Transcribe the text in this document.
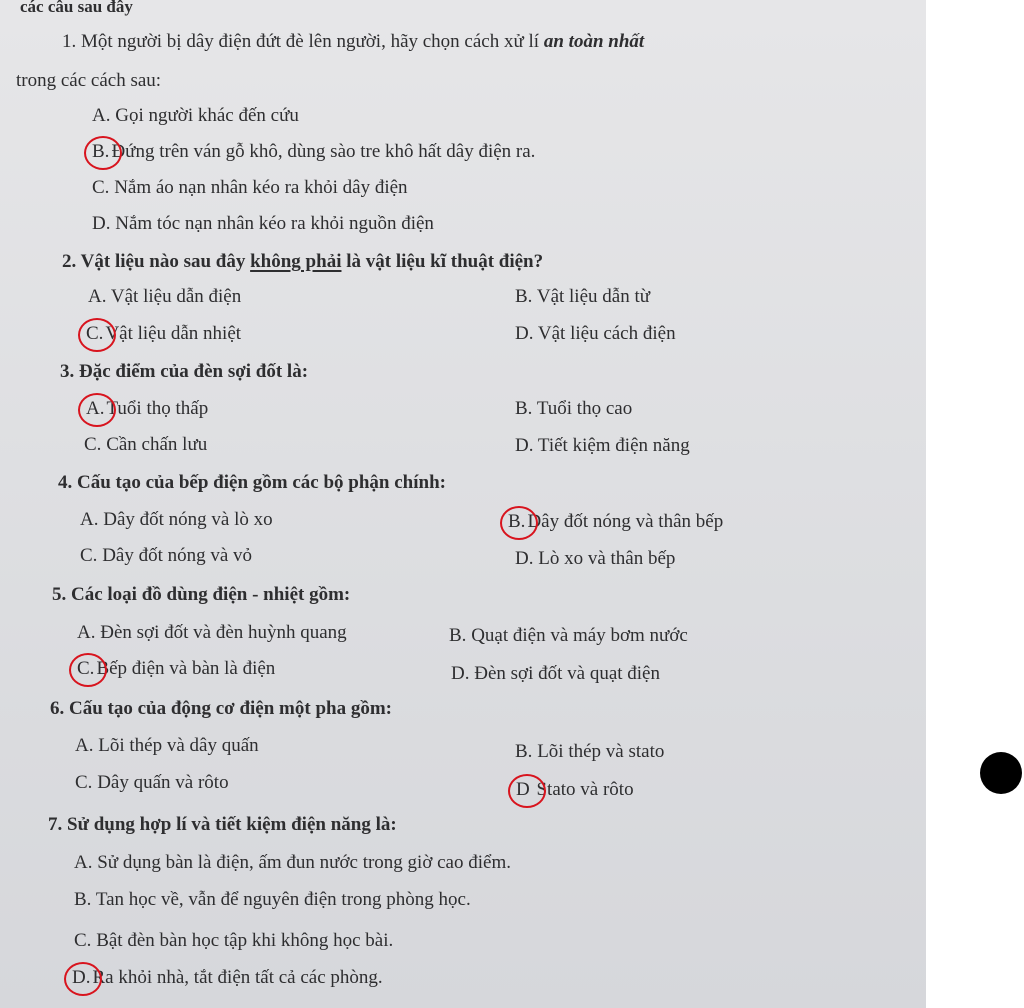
các câu sau đây
1. Một người bị dây điện đứt đè lên người, hãy chọn cách xử lí an toàn nhất
trong các cách sau:
A. Gọi người khác đến cứu
B. Đứng trên ván gỗ khô, dùng sào tre khô hất dây điện ra.
C. Nắm áo nạn nhân kéo ra khỏi dây điện
D. Nắm tóc nạn nhân kéo ra khỏi nguồn điện
2. Vật liệu nào sau đây không phải là vật liệu kĩ thuật điện?
A. Vật liệu dẫn điện	B. Vật liệu dẫn từ
C. Vật liệu dẫn nhiệt	D. Vật liệu cách điện
3. Đặc điểm của đèn sợi đốt là:
A. Tuổi thọ thấp	B. Tuổi thọ cao
C. Cần chấn lưu	D. Tiết kiệm điện năng
4. Cấu tạo của bếp điện gồm các bộ phận chính:
A. Dây đốt nóng và lò xo	B. Dây đốt nóng và thân bếp
C. Dây đốt nóng và vỏ	D. Lò xo và thân bếp
5. Các loại đồ dùng điện - nhiệt gồm:
A. Đèn sợi đốt và đèn huỳnh quang	B. Quạt điện và máy bơm nước
C. Bếp điện và bàn là điện	D. Đèn sợi đốt và quạt điện
6. Cấu tạo của động cơ điện một pha gồm:
A. Lõi thép và dây quấn	B. Lõi thép và stato
C. Dây quấn và rôto	D Stato và rôto
7. Sử dụng hợp lí và tiết kiệm điện năng là:
A. Sử dụng bàn là điện, ấm đun nước trong giờ cao điểm.
B. Tan học về, vẫn để nguyên điện trong phòng học.
C. Bật đèn bàn học tập khi không học bài.
D. Ra khỏi nhà, tắt điện tất cả các phòng.
